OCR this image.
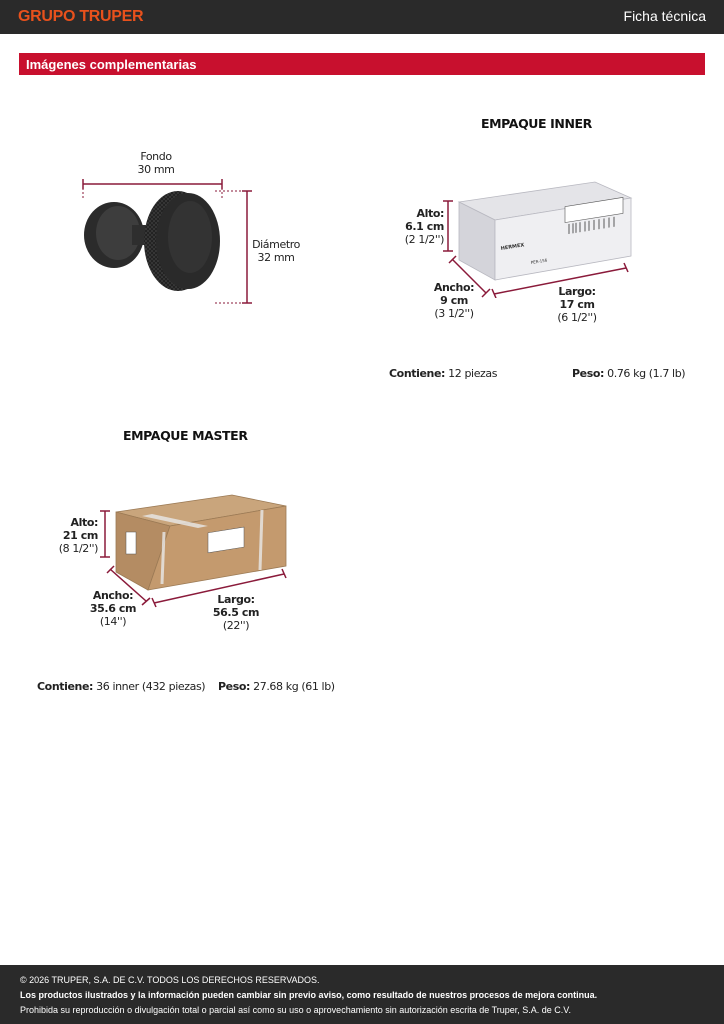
GRUPO TRUPER	Ficha técnica
Imágenes complementarias
Fondo
30 mm
Diámetro
32 mm
EMPAQUE INNER
HERMEX
PER-156
Alto:
6.1 cm
(2 1/2'')
Ancho:
9 cm
(3 1/2'')
Largo:
17 cm
(6 1/2'')
Contiene: 12 piezas	Peso: 0.76 kg (1.7 lb)
EMPAQUE MASTER
Alto:
21 cm
(8 1/2'')
Ancho:
35.6 cm
(14'')
Largo:
56.5 cm
(22'')
Contiene: 36 inner (432 piezas) Peso: 27.68 kg (61 lb)
© 2026 TRUPER, S.A. DE C.V. TODOS LOS DERECHOS RESERVADOS.
Los productos ilustrados y la información pueden cambiar sin previo aviso, como resultado de nuestros procesos de mejora continua.
Prohibida su reproducción o divulgación total o parcial así como su uso o aprovechamiento sin autorización escrita de Truper, S.A. de C.V.
